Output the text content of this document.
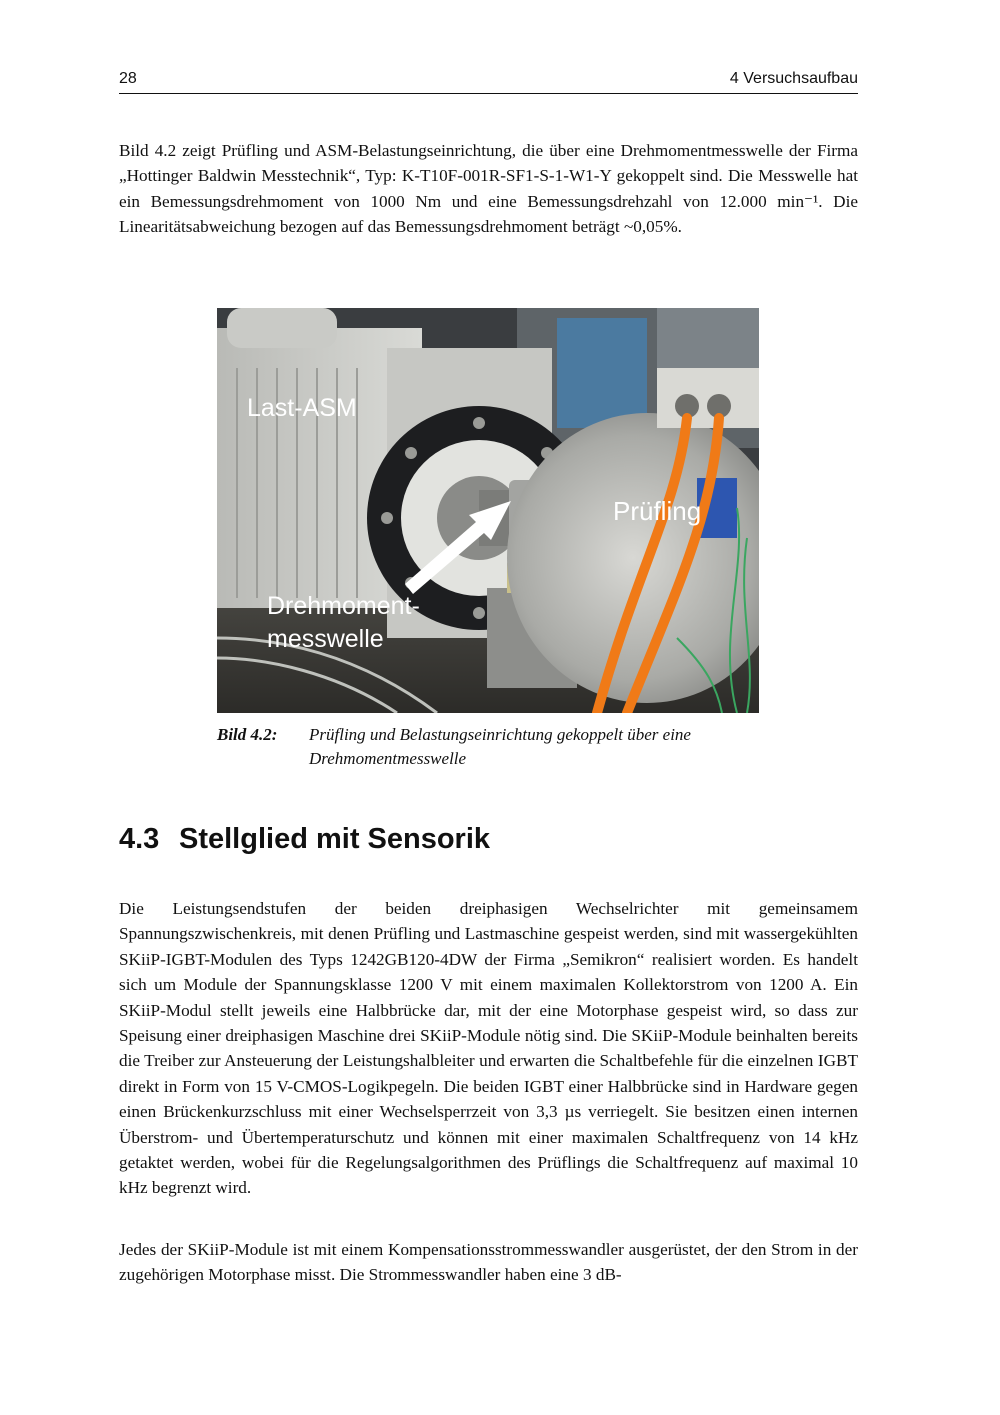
28	4 Versuchsaufbau

Bild 4.2 zeigt Prüfling und ASM-Belastungseinrichtung, die über eine Drehmomentmesswelle der Firma „Hottinger Baldwin Messtechnik“, Typ: K-T10F-001R-SF1-S-1-W1-Y gekoppelt sind. Die Messwelle hat ein Bemessungsdrehmoment von 1000 Nm und eine Bemessungsdrehzahl von 12.000 min⁻¹. Die Linearitätsabweichung bezogen auf das Bemessungsdrehmoment beträgt ~0,05%.

Last-ASM
Prüfling
Drehmoment-
messwelle
Bild 4.2: Prüfling und Belastungseinrichtung gekoppelt über eine Drehmomentmesswelle
4.3 Stellglied mit Sensorik

Die Leistungsendstufen der beiden dreiphasigen Wechselrichter mit gemeinsamem Spannungszwischenkreis, mit denen Prüfling und Lastmaschine gespeist werden, sind mit wassergekühlten SKiiP-IGBT-Modulen des Typs 1242GB120-4DW der Firma „Semikron“ realisiert worden. Es handelt sich um Module der Spannungsklasse 1200 V mit einem maximalen Kollektorstrom von 1200 A. Ein SKiiP-Modul stellt jeweils eine Halbbrücke dar, mit der eine Motorphase gespeist wird, so dass zur Speisung einer dreiphasigen Maschine drei SKiiP-Module nötig sind. Die SKiiP-Module beinhalten bereits die Treiber zur Ansteuerung der Leistungshalbleiter und erwarten die Schaltbefehle für die einzelnen IGBT direkt in Form von 15 V-CMOS-Logikpegeln. Die beiden IGBT einer Halbbrücke sind in Hardware gegen einen Brückenkurzschluss mit einer Wechselsperrzeit von 3,3 µs verriegelt. Sie besitzen einen internen Überstrom- und Übertemperaturschutz und können mit einer maximalen Schaltfrequenz von 14 kHz getaktet werden, wobei für die Regelungsalgorithmen des Prüflings die Schaltfrequenz auf maximal 10 kHz begrenzt wird.

Jedes der SKiiP-Module ist mit einem Kompensationsstrommesswandler ausgerüstet, der den Strom in der zugehörigen Motorphase misst. Die Strommesswandler haben eine 3 dB-
